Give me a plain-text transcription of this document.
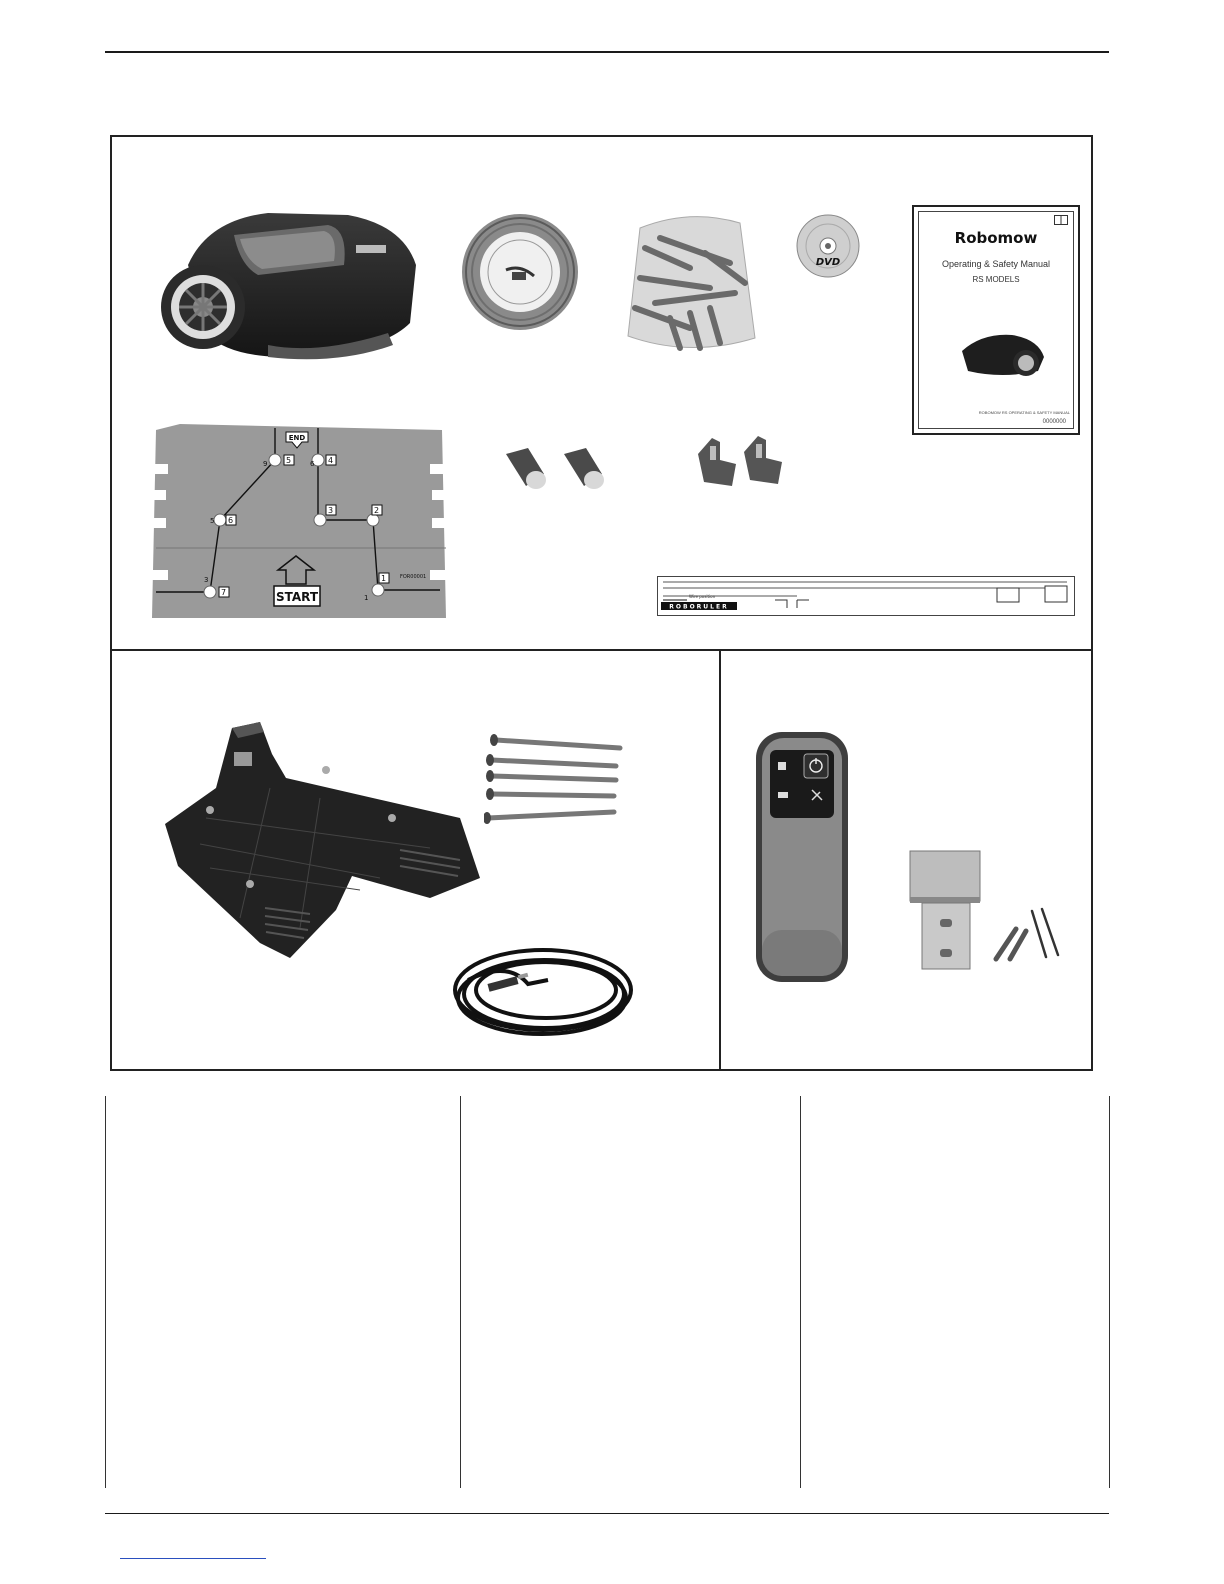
DVD
Robomow
Operating & Safety Manual
RS MODELS
ROBOMOW RS OPERATING & SAFETY MANUAL
0000000
5	4
6
3	2
7
1
9	6
5
3
1
FOR00001
END
START	Wire position
ROBORULER
